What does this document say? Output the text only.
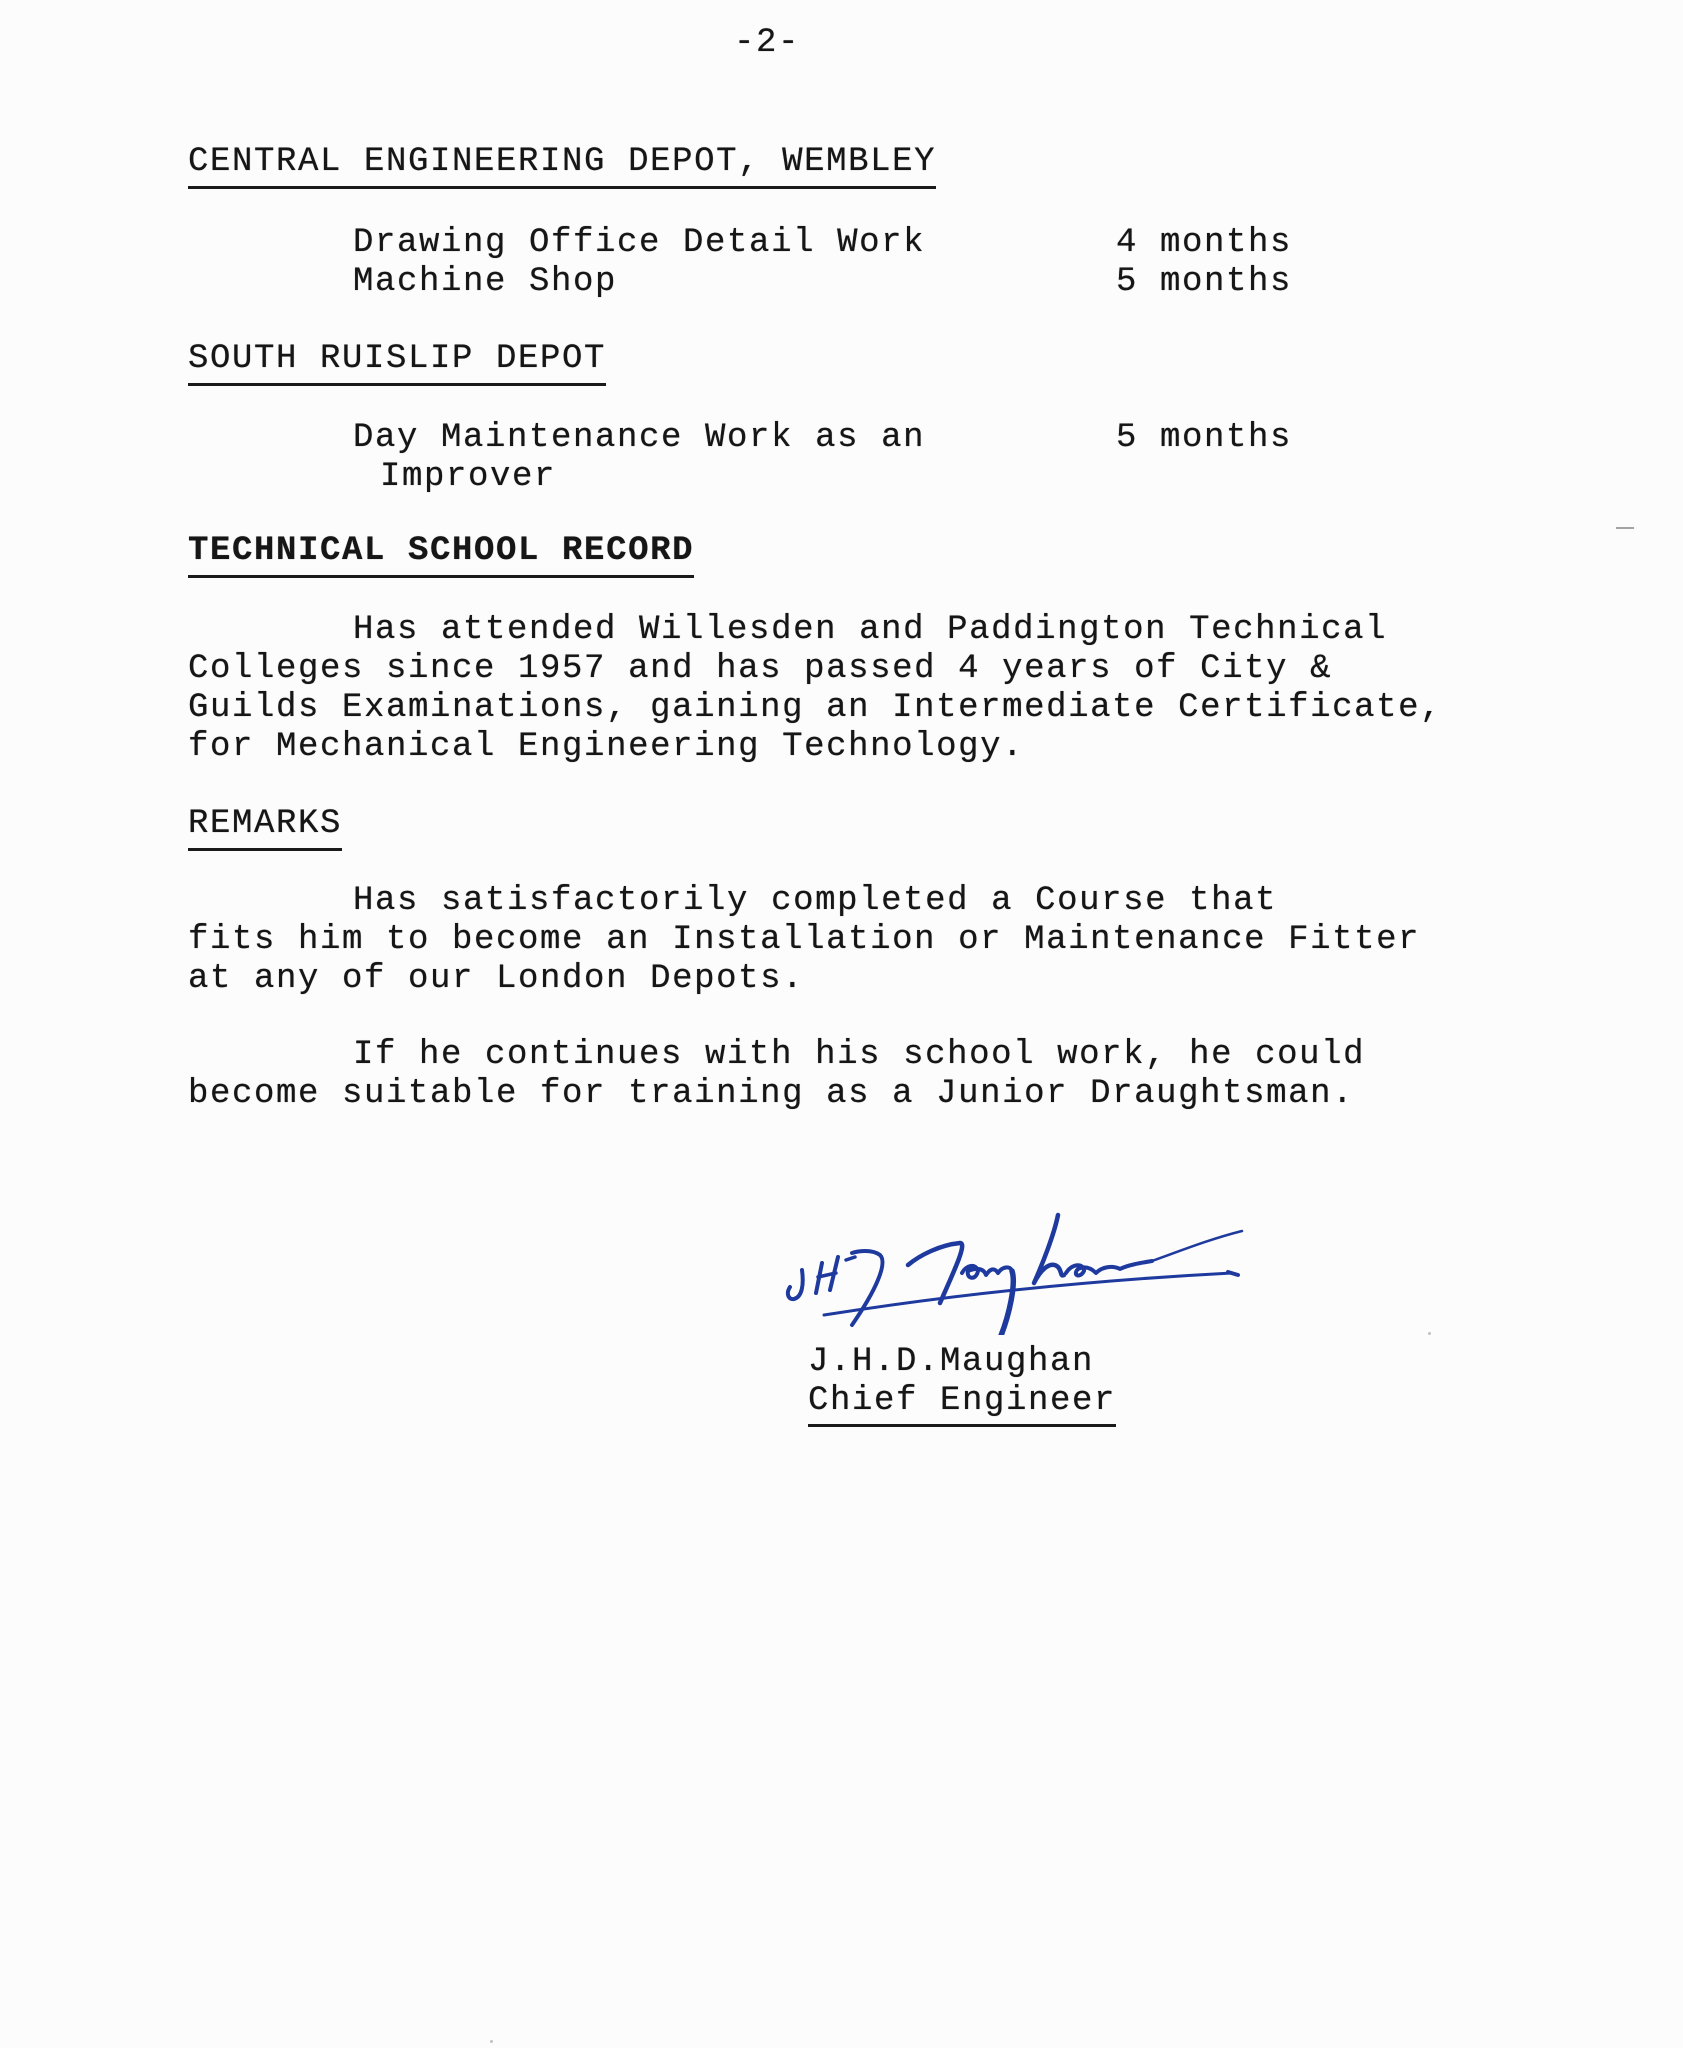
-2-
CENTRAL ENGINEERING DEPOT, WEMBLEY
Drawing Office Detail Work	4 months
Machine Shop	5 months
SOUTH RUISLIP DEPOT
Day Maintenance Work as an
Improver
5 months
TECHNICAL SCHOOL RECORD
Has attended Willesden and Paddington Technical
Colleges since 1957 and has passed 4 years of City &
Guilds Examinations, gaining an Intermediate Certificate,
for Mechanical Engineering Technology.
REMARKS
Has satisfactorily completed a Course that
fits him to become an Installation or Maintenance Fitter
at any of our London Depots.
If he continues with his school work, he could
become suitable for training as a Junior Draughtsman.
J.H.D.Maughan
Chief Engineer
